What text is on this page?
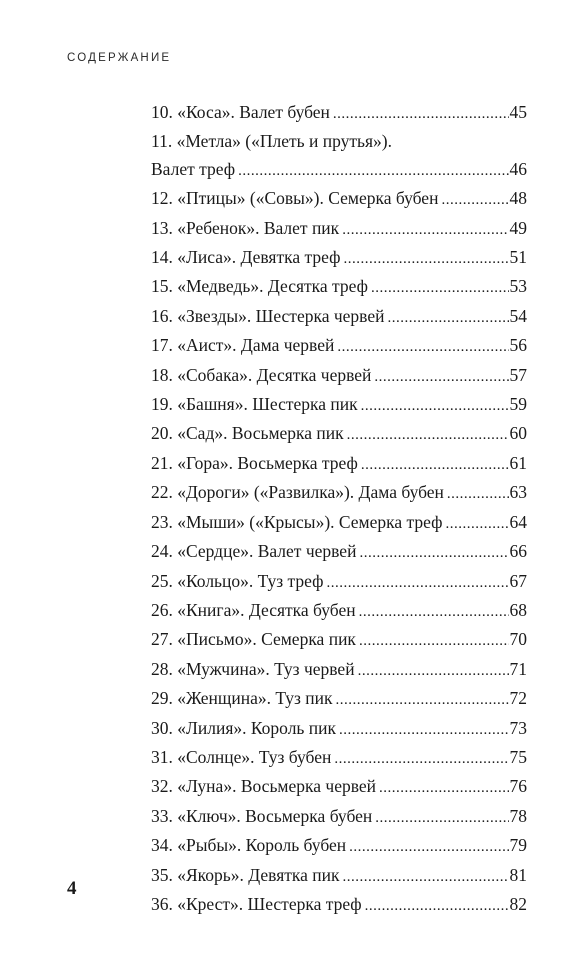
СОДЕРЖАНИЕ
10. «Коса». Валет бубен .....	45
11. «Метла» («Плеть и прутья»).
Валет треф .....	46
12. «Птицы» («Совы»). Семерка бубен .....	48
13. «Ребенок». Валет пик .....	49
14. «Лиса». Девятка треф .....	51
15. «Медведь». Десятка треф .....	53
16. «Звезды». Шестерка червей .....	54
17. «Аист». Дама червей .....	56
18. «Собака». Десятка червей .....	57
19. «Башня». Шестерка пик .....	59
20. «Сад». Восьмерка пик .....	60
21. «Гора». Восьмерка треф .....	61
22. «Дороги» («Развилка»). Дама бубен .....	63
23. «Мыши» («Крысы»). Семерка треф .....	64
24. «Сердце». Валет червей .....	66
25. «Кольцо». Туз треф .....	67
26. «Книга». Десятка бубен .....	68
27. «Письмо». Семерка пик .....	70
28. «Мужчина». Туз червей .....	71
29. «Женщина». Туз пик .....	72
30. «Лилия». Король пик .....	73
31. «Солнце». Туз бубен .....	75
32. «Луна». Восьмерка червей .....	76
33. «Ключ». Восьмерка бубен .....	78
34. «Рыбы». Король бубен .....	79
35. «Якорь». Девятка пик .....	81
36. «Крест». Шестерка треф .....	82
4
